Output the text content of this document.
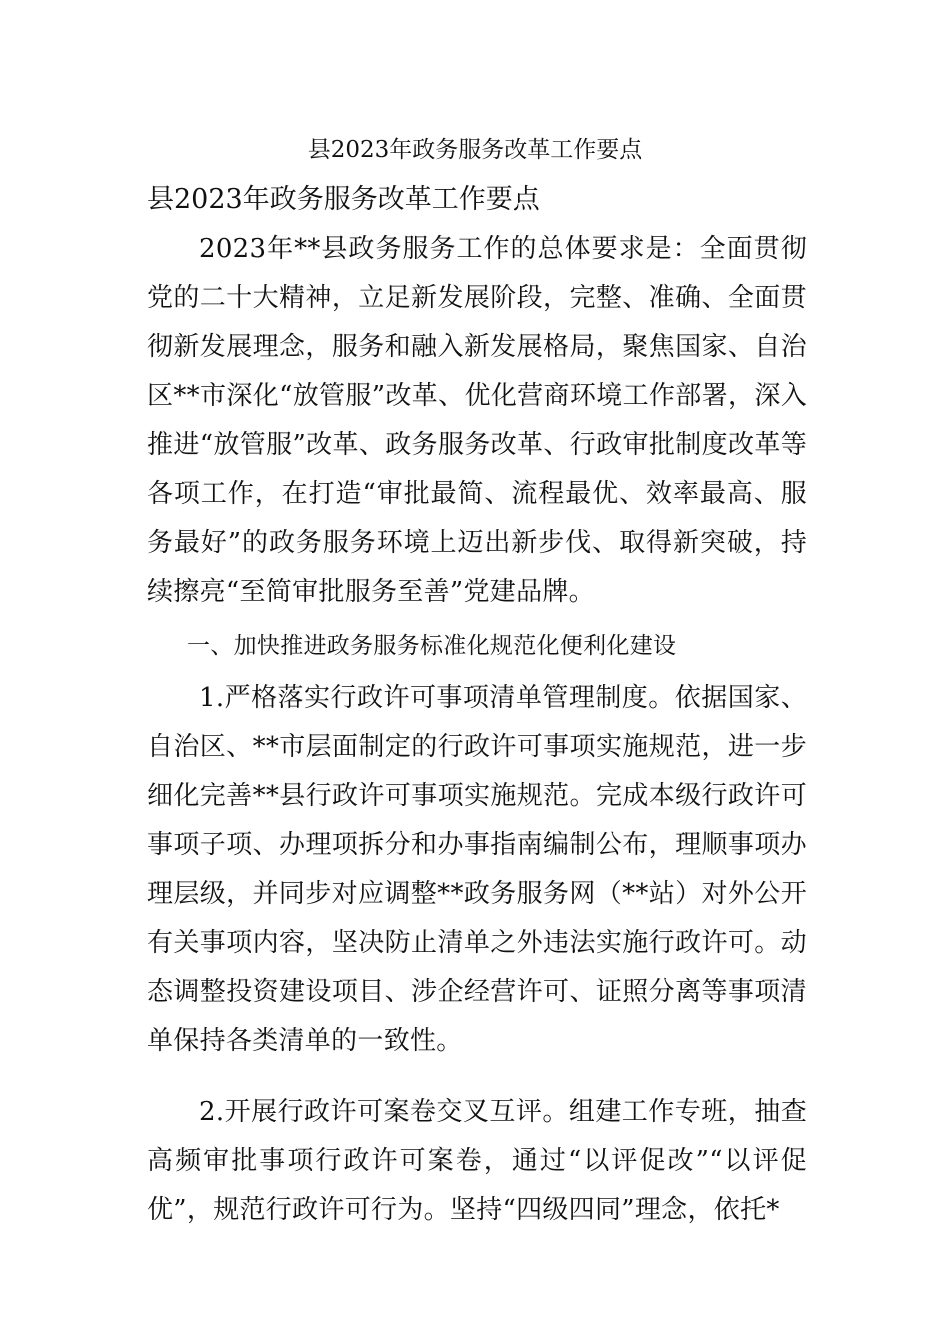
县2023年政务服务改革工作要点
县2023年政务服务改革工作要点

2023年**县政务服务工作的总体要求是：全面贯彻党的二十大精神，立足新发展阶段，完整、准确、全面贯彻新发展理念，服务和融入新发展格局，聚焦国家、自治区**市深化“放管服”改革、优化营商环境工作部署，深入推进“放管服”改革、政务服务改革、行政审批制度改革等各项工作，在打造“审批最简、流程最优、效率最高、服务最好”的政务服务环境上迈出新步伐、取得新突破，持续擦亮“至简审批服务至善”党建品牌。

一、加快推进政务服务标准化规范化便利化建设

1.严格落实行政许可事项清单管理制度。依据国家、自治区、**市层面制定的行政许可事项实施规范，进一步细化完善**县行政许可事项实施规范。完成本级行政许可事项子项、办理项拆分和办事指南编制公布，理顺事项办理层级，并同步对应调整**政务服务网（**站）对外公开有关事项内容，坚决防止清单之外违法实施行政许可。动态调整投资建设项目、涉企经营许可、证照分离等事项清单保持各类清单的一致性。

2.开展行政许可案卷交叉互评。组建工作专班，抽查高频审批事项行政许可案卷，通过“以评促改”“以评促优”，规范行政许可行为。坚持“四级四同”理念，依托*
